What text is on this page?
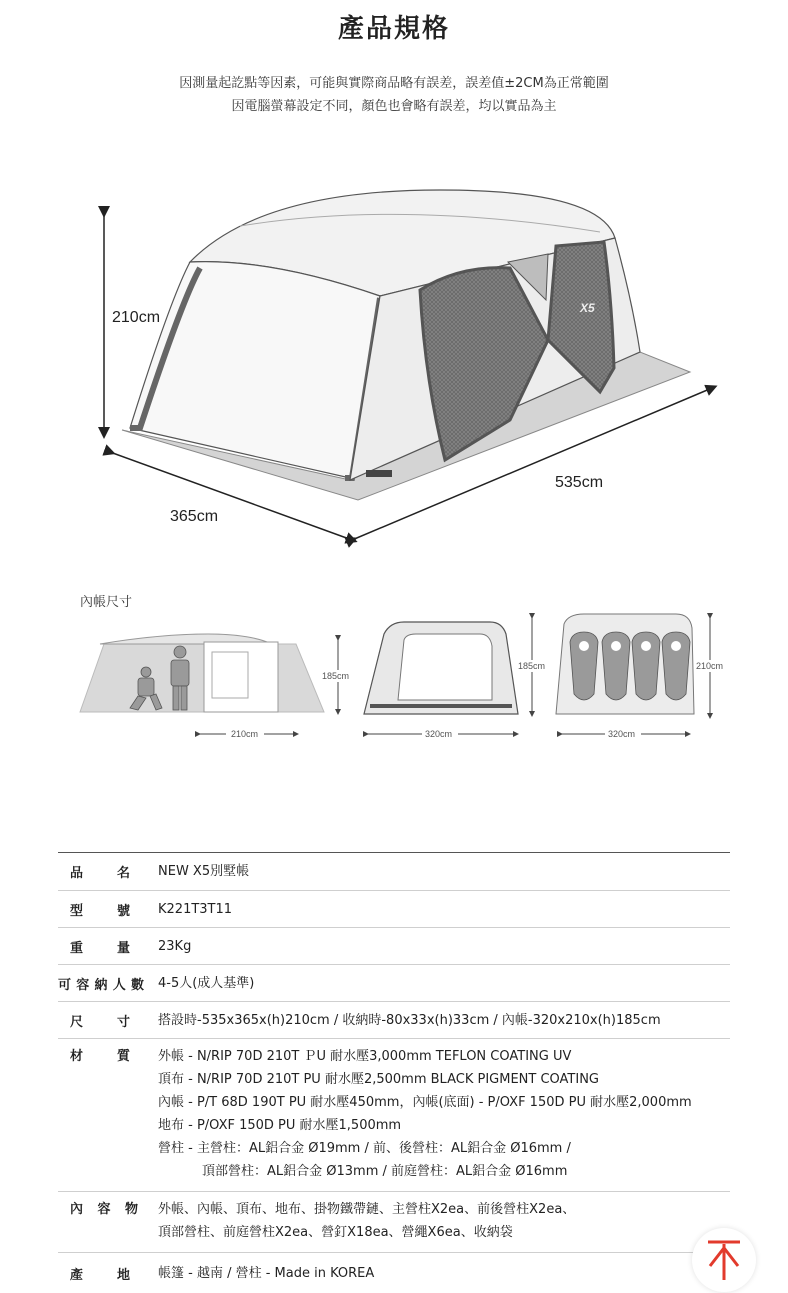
產品規格
因測量起訖點等因素，可能與實際商品略有誤差，誤差值±2CM為正常範圍
因電腦螢幕設定不同，顏色也會略有誤差，均以實品為主
210cm
365cm
535cm
X5
內帳尺寸
210cm
185cm
320cm
185cm
320cm
210cm
品　名	NEW X5別墅帳
型　號	K221T3T11
重　量	23Kg
可容納人數	4-5人(成人基準)
尺　寸	搭設時-535x365x(h)210cm / 收納時-80x33x(h)33cm / 內帳-320x210x(h)185cm
材　質	外帳 - N/RIP 70D 210T ＰU 耐水壓3,000mm TEFLON COATING UV
頂布 - N/RIP 70D 210T PU 耐水壓2,500mm BLACK PIGMENT COATING
內帳 - P/T 68D 190T PU 耐水壓450mm，內帳(底面) - P/OXF 150D PU 耐水壓2,000mm
地布 - P/OXF 150D PU 耐水壓1,500mm
營柱 - 主營柱：AL鋁合金 Ø19mm / 前、後營柱：AL鋁合金 Ø16mm /
頂部營柱：AL鋁合金 Ø13mm / 前庭營柱：AL鋁合金 Ø16mm
內容物	外帳、內帳、頂布、地布、掛物鐵帶鏈、主營柱X2ea、前後營柱X2ea、
頂部營柱、前庭營柱X2ea、營釘X18ea、營繩X6ea、收納袋
產　地	帳篷 - 越南 / 營柱 - Made in KOREA
